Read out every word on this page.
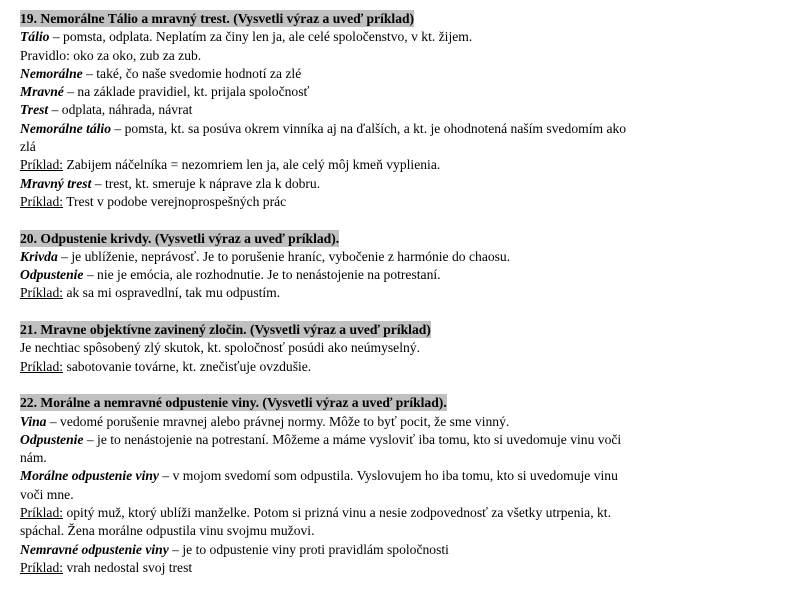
19. Nemorálne Tálio a mravný trest. (Vysvetli výraz a uveď príklad)
Tálio – pomsta, odplata. Neplatím za činy len ja, ale celé spoločenstvo, v kt. žijem.
Pravidlo: oko za oko, zub za zub.
Nemorálne – také, čo naše svedomie hodnotí za zlé
Mravné – na základe pravidiel, kt. prijala spoločnosť
Trest – odplata, náhrada, návrat
Nemorálne tálio – pomsta, kt. sa posúva okrem vinníka aj na ďalších, a kt. je ohodnotená naším svedomím ako zlá
Príklad: Zabijem náčelníka = nezomriem len ja, ale celý môj kmeň vyplienia.
Mravný trest – trest, kt. smeruje k náprave zla k dobru.
Príklad: Trest v podobe verejnoprospešných prác
20. Odpustenie krivdy. (Vysvetli výraz a uveď príklad).
Krivda – je ublíženie, neprávosť. Je to porušenie hraníc, vybočenie z harmónie do chaosu.
Odpustenie – nie je emócia, ale rozhodnutie. Je to nenástojenie na potrestaní.
Príklad: ak sa mi ospravedlní, tak mu odpustím.
21. Mravne objektívne zavinený zločin. (Vysvetli výraz a uveď príklad)
Je nechtiac spôsobený zlý skutok, kt. spoločnosť posúdi ako neúmyselný.
Príklad: sabotovanie továrne, kt. znečisťuje ovzdušie.
22. Morálne a nemravné odpustenie viny. (Vysvetli výraz a uveď príklad).
Vina – vedomé porušenie mravnej alebo právnej normy. Môže to byť pocit, že sme vinný.
Odpustenie – je to nenástojenie na potrestaní. Môžeme a máme vysloviť iba tomu, kto si uvedomuje vinu voči nám.
Morálne odpustenie viny – v mojom svedomí som odpustila. Vyslovujem ho iba tomu, kto si uvedomuje vinu voči mne.
Príklad: opitý muž, ktorý ublíži manželke. Potom si prizná vinu a nesie zodpovednosť za všetky utrpenia, kt. spáchal. Žena morálne odpustila vinu svojmu mužovi.
Nemravné odpustenie viny – je to odpustenie viny proti pravidlám spoločnosti
Príklad: vrah nedostal svoj trest
